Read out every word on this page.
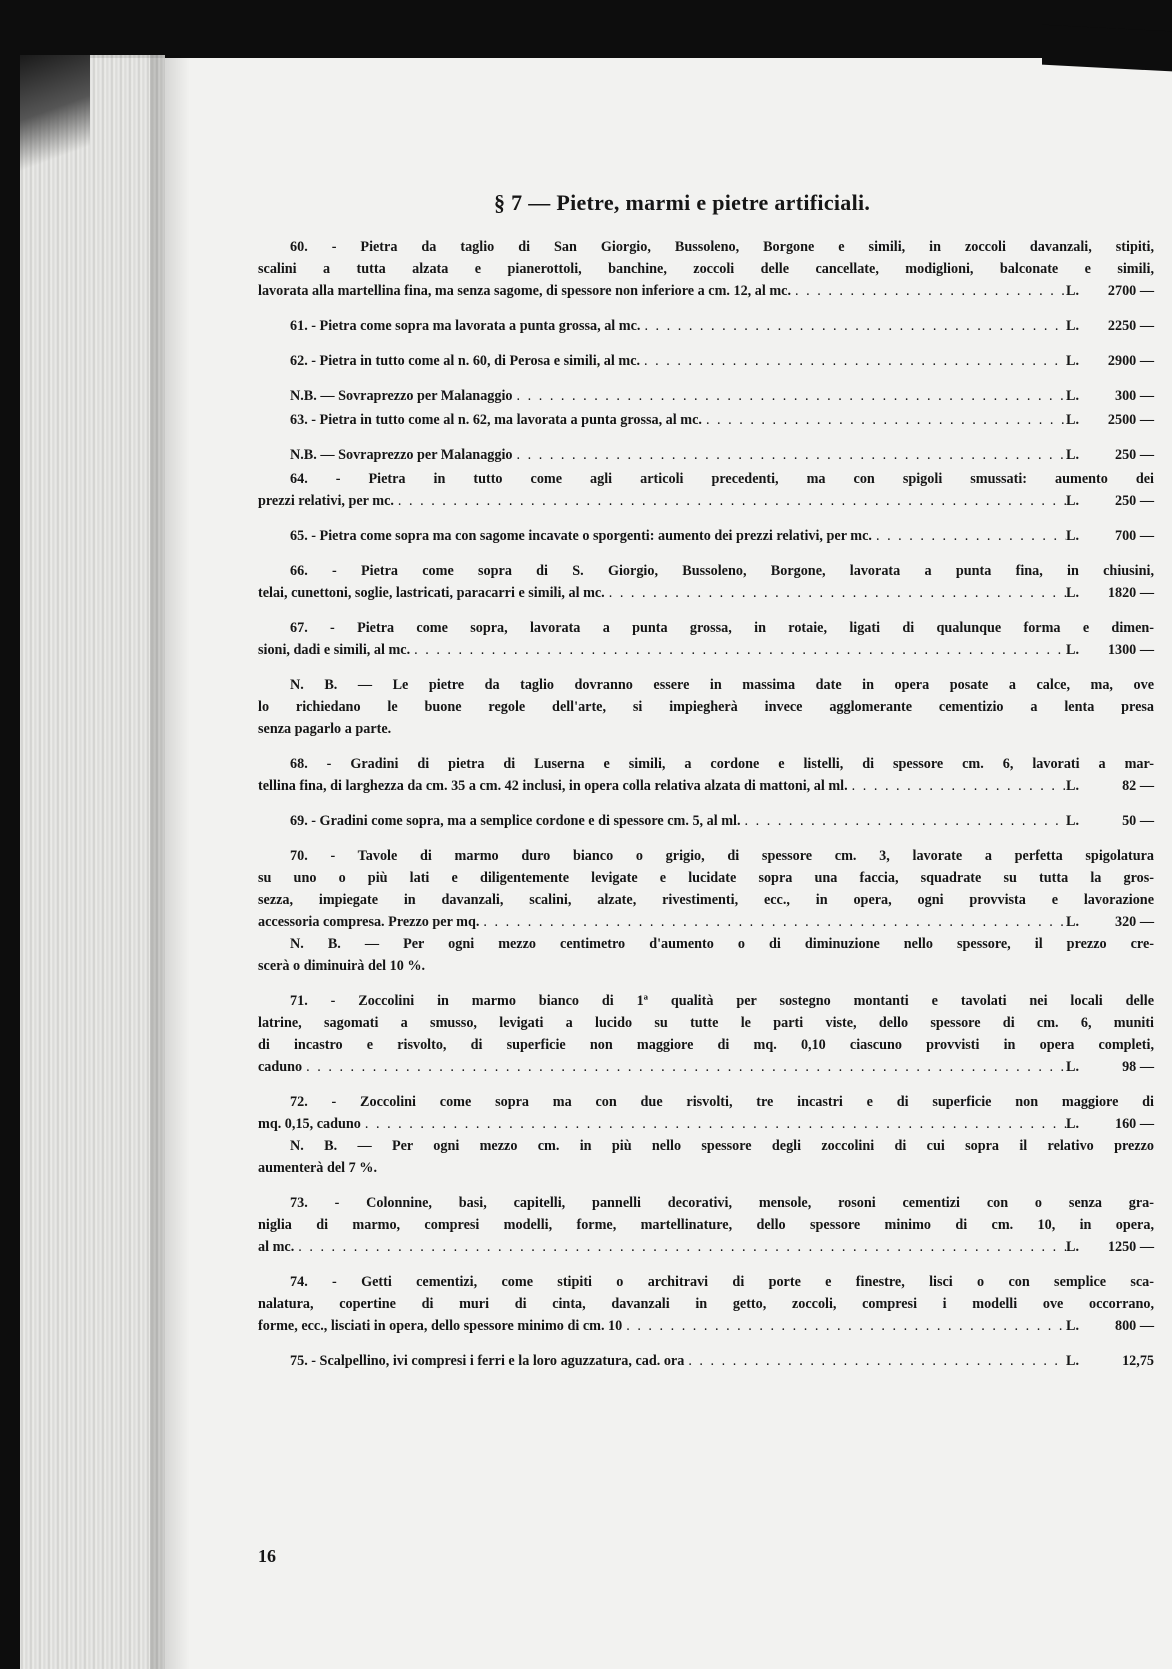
§ 7 — Pietre, marmi e pietre artificiali.
60. - Pietra da taglio di San Giorgio, Bussoleno, Borgone e simili, in zoccoli davanzali, stipiti,
scalini a tutta alzata e pianerottoli, banchine, zoccoli delle cancellate, modiglioni, balconate e simili,
lavorata alla martellina fina, ma senza sagome, di spessore non inferiore a cm. 12, al mc. . . .	L.	2700 —
61. - Pietra come sopra ma lavorata a punta grossa, al mc. . . .	L.	2250 —
62. - Pietra in tutto come al n. 60, di Perosa e simili, al mc. . . .	L.	2900 —
N.B. — Sovraprezzo per Malanaggio . . .	L.	300 —
63. - Pietra in tutto come al n. 62, ma lavorata a punta grossa, al mc. . . .	L.	2500 —
N.B. — Sovraprezzo per Malanaggio . . .	L.	250 —
64. - Pietra in tutto come agli articoli precedenti, ma con spigoli smussati: aumento dei
prezzi relativi, per mc. . . .	L.	250 —
65. - Pietra come sopra ma con sagome incavate o sporgenti: aumento dei prezzi relativi, per mc. . . .	L.	700 —
66. - Pietra come sopra di S. Giorgio, Bussoleno, Borgone, lavorata a punta fina, in chiusini,
telai, cunettoni, soglie, lastricati, paracarri e simili, al mc. . . .	L.	1820 —
67. - Pietra come sopra, lavorata a punta grossa, in rotaie, ligati di qualunque forma e dimen-
sioni, dadi e simili, al mc. . . .	L.	1300 —
N. B. — Le pietre da taglio dovranno essere in massima date in opera posate a calce, ma, ove
lo richiedano le buone regole dell'arte, si impiegherà invece agglomerante cementizio a lenta presa
senza pagarlo a parte.
68. - Gradini di pietra di Luserna e simili, a cordone e listelli, di spessore cm. 6, lavorati a mar-
tellina fina, di larghezza da cm. 35 a cm. 42 inclusi, in opera colla relativa alzata di mattoni, al ml. . . .	L.	82 —
69. - Gradini come sopra, ma a semplice cordone e di spessore cm. 5, al ml. . . .	L.	50 —
70. - Tavole di marmo duro bianco o grigio, di spessore cm. 3, lavorate a perfetta spigolatura
su uno o più lati e diligentemente levigate e lucidate sopra una faccia, squadrate su tutta la gros-
sezza, impiegate in davanzali, scalini, alzate, rivestimenti, ecc., in opera, ogni provvista e lavorazione
accessoria compresa. Prezzo per mq. . . .	L.	320 —
N. B. — Per ogni mezzo centimetro d'aumento o di diminuzione nello spessore, il prezzo cre-
scerà o diminuirà del 10 %.
71. - Zoccolini in marmo bianco di 1ª qualità per sostegno montanti e tavolati nei locali delle
latrine, sagomati a smusso, levigati a lucido su tutte le parti viste, dello spessore di cm. 6, muniti
di incastro e risvolto, di superficie non maggiore di mq. 0,10 ciascuno provvisti in opera completi,
caduno . . .	L.	98 —
72. - Zoccolini come sopra ma con due risvolti, tre incastri e di superficie non maggiore di
mq. 0,15, caduno . . .	L.	160 —
N. B. — Per ogni mezzo cm. in più nello spessore degli zoccolini di cui sopra il relativo prezzo
aumenterà del 7 %.
73. - Colonnine, basi, capitelli, pannelli decorativi, mensole, rosoni cementizi con o senza gra-
niglia di marmo, compresi modelli, forme, martellinature, dello spessore minimo di cm. 10, in opera,
al mc. . . .	L.	1250 —
74. - Getti cementizi, come stipiti o architravi di porte e finestre, lisci o con semplice sca-
nalatura, copertine di muri di cinta, davanzali in getto, zoccoli, compresi i modelli ove occorrano,
forme, ecc., lisciati in opera, dello spessore minimo di cm. 10 . . .	L.	800 —
75. - Scalpellino, ivi compresi i ferri e la loro aguzzatura, cad. ora . . .	L.	12,75
16
